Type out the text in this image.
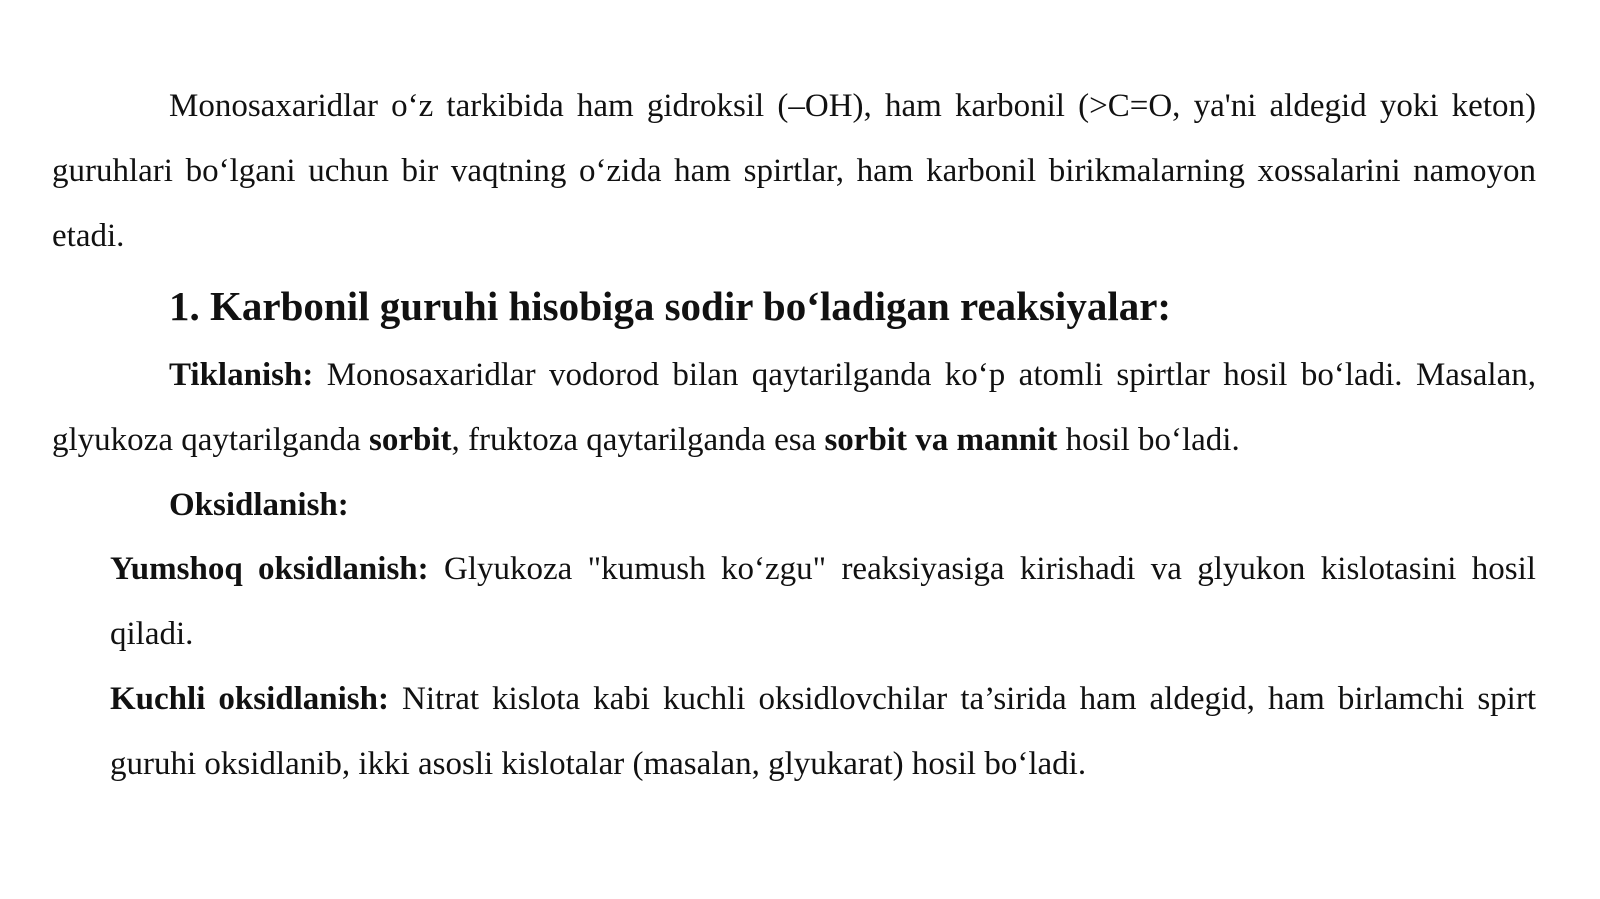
Monosaxaridlar o‘z tarkibida ham gidroksil (–OH), ham karbonil (>C=O, ya'ni aldegid yoki keton) guruhlari bo‘lgani uchun bir vaqtning o‘zida ham spirtlar, ham karbonil birikmalarning xossalarini namoyon etadi.

1. Karbonil guruhi hisobiga sodir bo‘ladigan reaksiyalar:

Tiklanish: Monosaxaridlar vodorod bilan qaytarilganda ko‘p atomli spirtlar hosil bo‘ladi. Masalan, glyukoza qaytarilganda sorbit, fruktoza qaytarilganda esa sorbit va mannit hosil bo‘ladi.

Oksidlanish:

Yumshoq oksidlanish: Glyukoza "kumush ko‘zgu" reaksiyasiga kirishadi va glyukon kislotasini hosil qiladi.

Kuchli oksidlanish: Nitrat kislota kabi kuchli oksidlovchilar ta’sirida ham aldegid, ham birlamchi spirt guruhi oksidlanib, ikki asosli kislotalar (masalan, glyukarat) hosil bo‘ladi.
